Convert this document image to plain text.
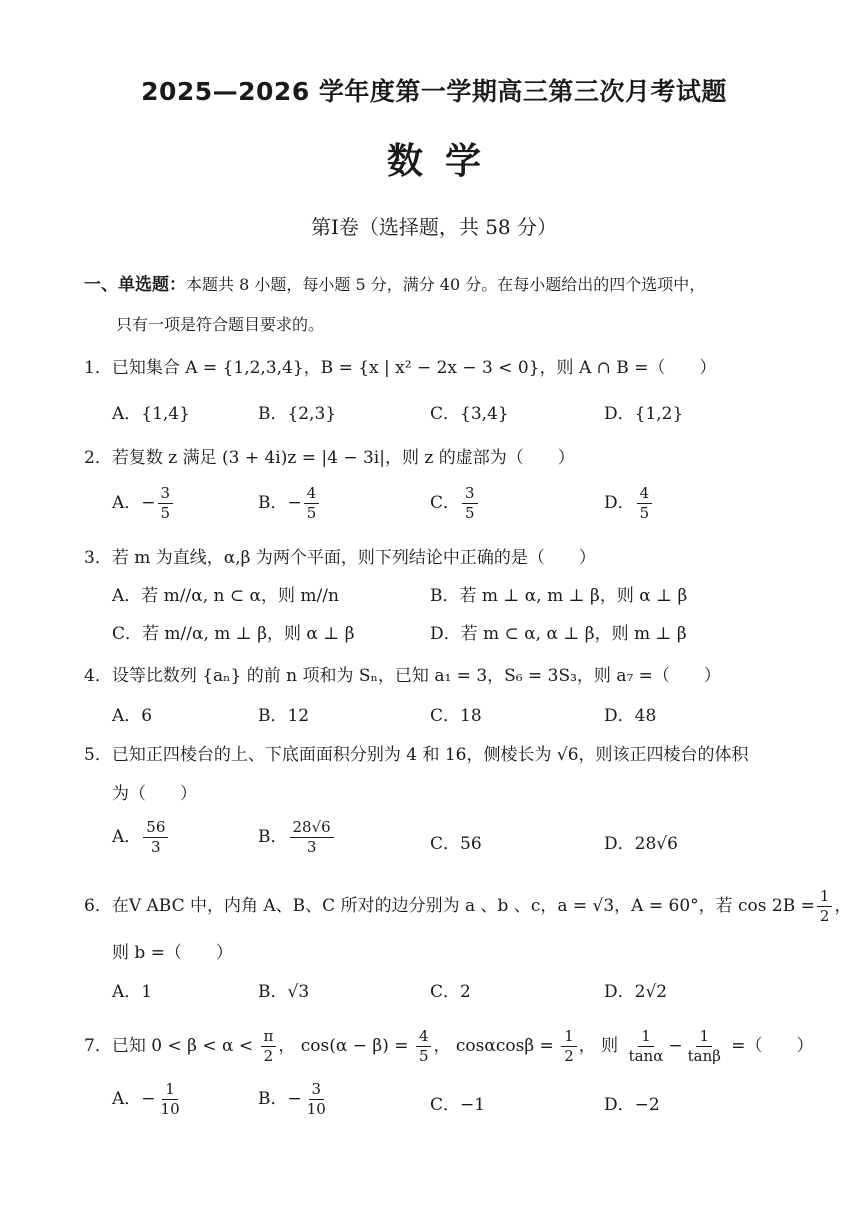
2025—2026 学年度第一学期高三第三次月考试题
数学
第Ⅰ卷（选择题，共 58 分）
一、单选题：本题共 8 小题，每小题 5 分，满分 40 分。在每小题给出的四个选项中，
只有一项是符合题目要求的。
1．已知集合 A = {1,2,3,4}，B = {x | x² − 2x − 3 < 0}，则 A ∩ B =（　　）
A．{1,4}	B．{2,3}	C．{3,4}	D．{1,2}
2．若复数 z 满足 (3 + 4i)z = |4 − 3i|，则 z 的虚部为（　　）
A．− $\frac{3}{5}$	B．− $\frac{4}{5}$	C． $\frac{3}{5}$	D． $\frac{4}{5}$
3．若 m 为直线，α,β 为两个平面，则下列结论中正确的是（　　）
A．若 m//α, n ⊂ α，则 m//n	B．若 m ⊥ α, m ⊥ β，则 α ⊥ β
C．若 m//α, m ⊥ β，则 α ⊥ β	D．若 m ⊂ α, α ⊥ β，则 m ⊥ β
4．设等比数列 {aₙ} 的前 n 项和为 Sₙ，已知 a₁ = 3，S₆ = 3S₃，则 a₇ =（　　）
A．6	B．12	C．18	D．48
5．已知正四棱台的上、下底面面积分别为 4 和 16，侧棱长为 √6，则该正四棱台的体积
为（　　）
A． $\frac{56}{3}$	B． $\frac{28√6}{3}$	C．56	D．28√6
6．在V ABC 中，内角 A、B、C 所对的边分别为 a 、b 、c，a = √3，A = 60°，若 $\cos 2B = \frac{1}{2}$ ，
则 b =（　　）
A．1	B．√3	C．2	D．2√2
7．已知 $0 < \beta < \alpha < \frac{\pi}{2}$ ， $\cos(\alpha - \beta) = \frac{4}{5}$ ， $\cos\alpha\cos\beta = \frac{1}{2}$ ， 则 $\frac{1}{\tan\alpha} - \frac{1}{\tan\beta}$ =（　　）
A．− $\frac{1}{10}$	B．− $\frac{3}{10}$	C．−1	D．−2
